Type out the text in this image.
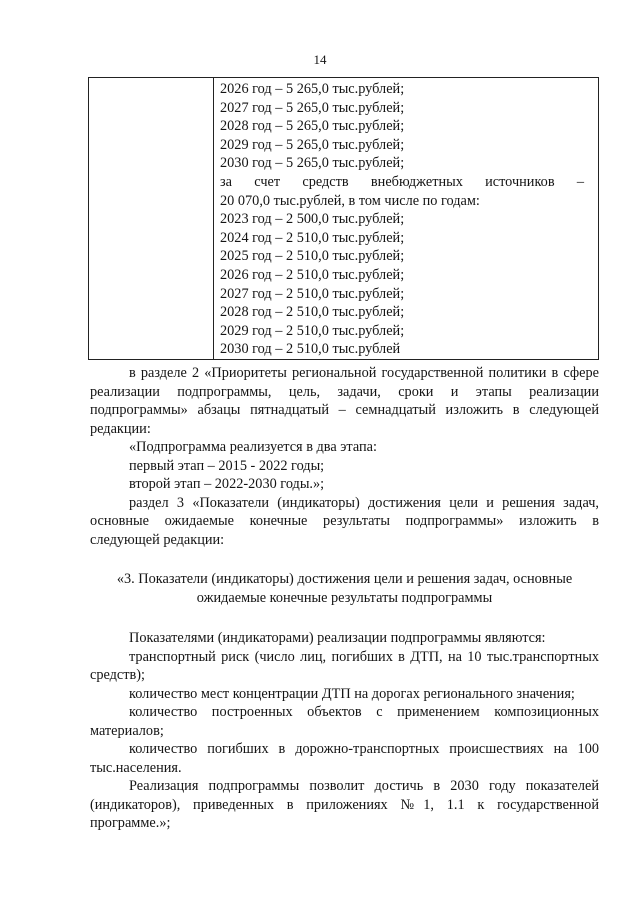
14
2026 год – 5 265,0 тыс.рублей;
2027 год – 5 265,0 тыс.рублей;
2028 год – 5 265,0 тыс.рублей;
2029 год – 5 265,0 тыс.рублей;
2030 год – 5 265,0 тыс.рублей;
за счет средств внебюджетных источников –
20 070,0 тыс.рублей, в том числе по годам:
2023 год – 2 500,0 тыс.рублей;
2024 год – 2 510,0 тыс.рублей;
2025 год – 2 510,0 тыс.рублей;
2026 год – 2 510,0 тыс.рублей;
2027 год – 2 510,0 тыс.рублей;
2028 год – 2 510,0 тыс.рублей;
2029 год – 2 510,0 тыс.рублей;
2030 год – 2 510,0 тыс.рублей

в разделе 2 «Приоритеты региональной государственной политики в сфере реализации подпрограммы, цель, задачи, сроки и этапы реализации подпрограммы» абзацы пятнадцатый – семнадцатый изложить в следующей редакции:

«Подпрограмма реализуется в два этапа:

первый этап – 2015 - 2022 годы;

второй этап – 2022-2030 годы.»;

раздел 3 «Показатели (индикаторы) достижения цели и решения задач, основные ожидаемые конечные результаты подпрограммы» изложить в следующей редакции:

«3. Показатели (индикаторы) достижения цели и решения задач, основные
ожидаемые конечные результаты подпрограммы

Показателями (индикаторами) реализации подпрограммы являются:

транспортный риск (число лиц, погибших в ДТП, на 10 тыс.транспортных средств);

количество мест концентрации ДТП на дорогах регионального значения;

количество построенных объектов с применением композиционных материалов;

количество погибших в дорожно-транспортных происшествиях на 100 тыс.населения.

Реализация подпрограммы позволит достичь в 2030 году показателей (индикаторов), приведенных в приложениях №1, 1.1 к государственной программе.»;
